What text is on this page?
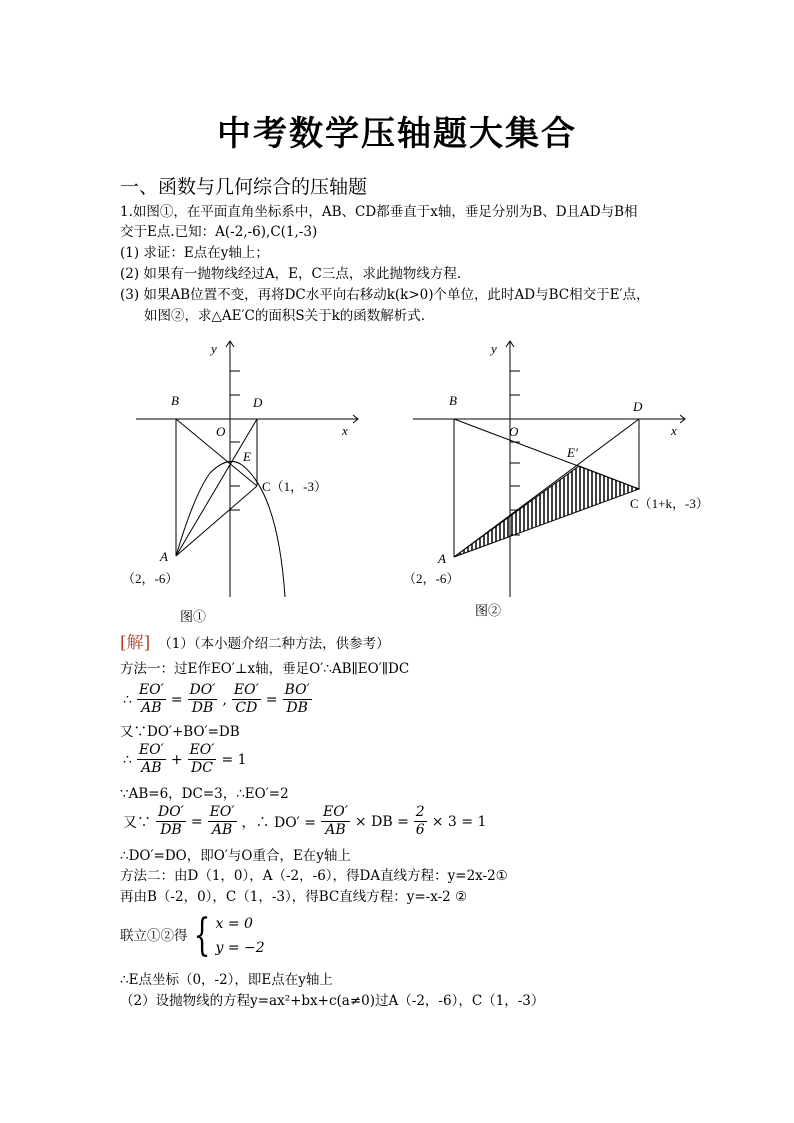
中考数学压轴题大集合
一、函数与几何综合的压轴题
1.如图①，在平面直角坐标系中，AB、CD都垂直于x轴，垂足分别为B、D且AD与B相
交于E点.已知：A(-2,-6),C(1,-3)
(1) 求证：E点在y轴上；
(2) 如果有一抛物线经过A，E，C三点，求此抛物线方程.
(3) 如果AB位置不变，再将DC水平向右移动k(k>0)个单位，此时AD与BC相交于E′点，
如图②，求△AE′C的面积S关于k的函数解析式.
y
x
B	D
O
E
C（1，-3）
A
（2，-6）
图①
y
x
B	D
O
E′
C（1+k，-3）
A
（2，-6）
图②
[解] （1）（本小题介绍二种方法，供参考）
方法一：过E作EO′⊥x轴，垂足O′∴AB∥EO′∥DC
∴ $\frac{EO'}{AB} = \frac{DO'}{DB}$ , $\frac{EO'}{CD} = \frac{BO'}{DB}$
又∵DO′+BO′=DB
∴ $\frac{EO'}{AB} + \frac{EO'}{DC} = 1$
∵AB=6，DC=3，∴EO′=2
又∵ $\frac{DO'}{DB} = \frac{EO'}{AB}$ ，∴ $DO' = \frac{EO'}{AB}$ × DB = $\frac{2}{6} \times 3 = 1$
∴DO′=DO，即O′与O重合，E在y轴上
方法二：由D（1，0），A（-2，-6），得DA直线方程：y=2x-2①
再由B（-2，0），C（1，-3），得BC直线方程：y=-x-2 ②
联立①②得 { x = 0
y = −2
∴E点坐标（0，-2），即E点在y轴上
（2）设抛物线的方程y=ax²+bx+c(a≠0)过A（-2，-6），C（1，-3）
